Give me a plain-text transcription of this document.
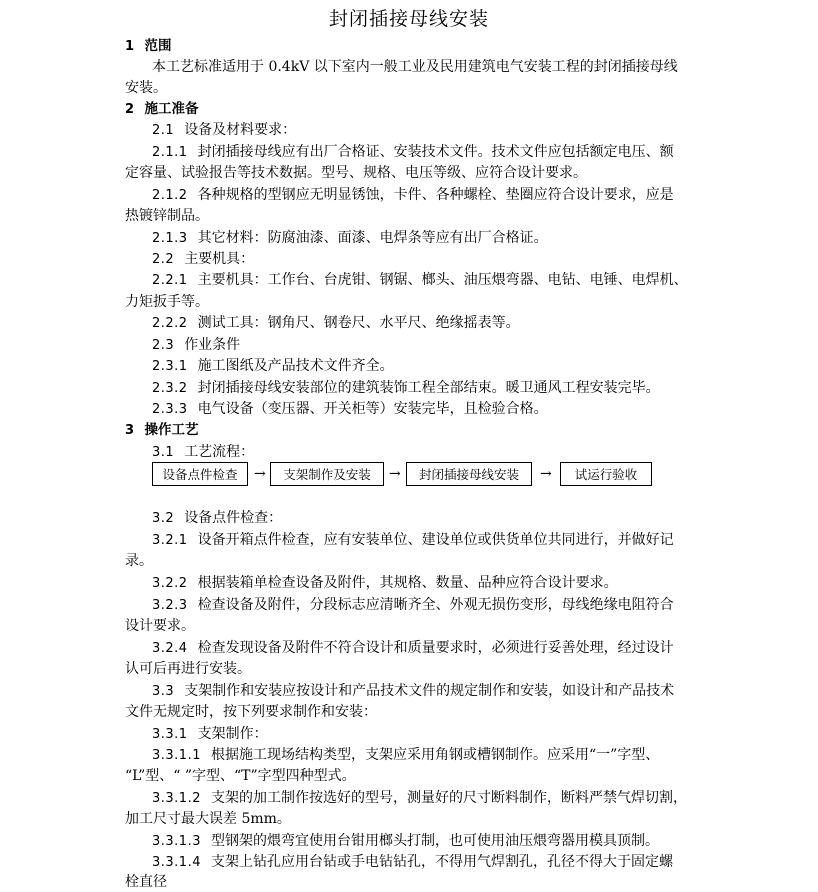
封闭插接母线安装
1 范围
本工艺标准适用于 0.4kV 以下室内一般工业及民用建筑电气安装工程的封闭插接母线
安装。
2 施工准备
2.1 设备及材料要求：
2.1.1 封闭插接母线应有出厂合格证、安装技术文件。技术文件应包括额定电压、额
定容量、试验报告等技术数据。型号、规格、电压等级、应符合设计要求。
2.1.2 各种规格的型钢应无明显锈蚀，卡件、各种螺栓、垫圈应符合设计要求，应是
热镀锌制品。
2.1.3 其它材料：防腐油漆、面漆、电焊条等应有出厂合格证。
2.2 主要机具：
2.2.1 主要机具：工作台、台虎钳、钢锯、榔头、油压煨弯器、电钻、电锤、电焊机、
力矩扳手等。
2.2.2 测试工具：钢角尺、钢卷尺、水平尺、绝缘摇表等。
2.3 作业条件
2.3.1 施工图纸及产品技术文件齐全。
2.3.2 封闭插接母线安装部位的建筑装饰工程全部结束。暖卫通风工程安装完毕。
2.3.3 电气设备（变压器、开关柜等）安装完毕，且检验合格。
3 操作工艺
3.1 工艺流程：
设备点件检查	→	支架制作及安装	→	封闭插接母线安装	→	试运行验收
3.2 设备点件检查：
3.2.1 设备开箱点件检查，应有安装单位、建设单位或供货单位共同进行，并做好记
录。
3.2.2 根据装箱单检查设备及附件，其规格、数量、品种应符合设计要求。
3.2.3 检查设备及附件，分段标志应清晰齐全、外观无损伤变形，母线绝缘电阻符合
设计要求。
3.2.4 检查发现设备及附件不符合设计和质量要求时，必须进行妥善处理，经过设计
认可后再进行安装。
3.3 支架制作和安装应按设计和产品技术文件的规定制作和安装，如设计和产品技术
文件无规定时，按下列要求制作和安装：
3.3.1 支架制作：
3.3.1.1 根据施工现场结构类型，支架应采用角钢或槽钢制作。应采用“一”字型、
“L”型、“ ”字型、“T”字型四种型式。
3.3.1.2 支架的加工制作按选好的型号，测量好的尺寸断料制作，断料严禁气焊切割，
加工尺寸最大误差 5mm。
3.3.1.3 型钢架的煨弯宜使用台钳用榔头打制，也可使用油压煨弯器用模具顶制。
3.3.1.4 支架上钻孔应用台钻或手电钻钻孔，不得用气焊割孔，孔径不得大于固定螺
栓直径
